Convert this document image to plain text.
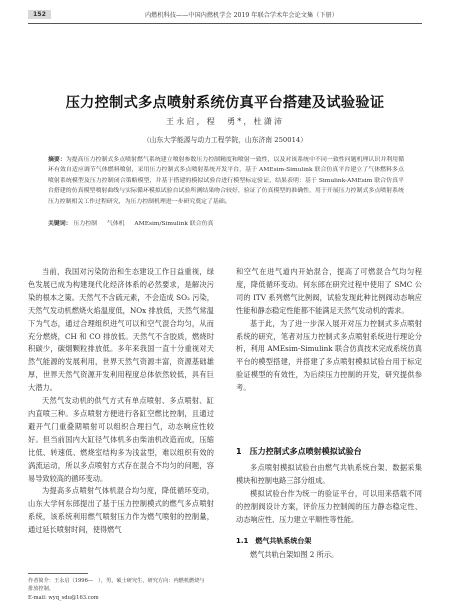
152	内燃机科技——中国内燃机学会 2019 年联合学术年会论文集（下册）
压力控制式多点喷射系统仿真平台搭建及试验验证
王永启，程　勇*，杜潇沛
（山东大学能源与动力工程学院，山东济南 250014）
摘要：为提高压力控制式多点喷射燃气系统建立喷射参数压力控制精度和喷射一致性，以及对该系统中不同一致性问题机理认识并利用循环有效自适应调节气体燃料喷射，采用压力控制式多点喷射系统开发平台，基于 AMEsim-Simulink 联合仿真平台建立了气体燃料多点喷射系统模型及压力控制闭合策略模型，并基于搭建的模拟试验台进行模型标定验证，结果表明：基于 Simulink-AMEsim 联合仿真平台搭建的仿真模型喷射曲线与实际循环模拟试验台试验所测结果吻合较好，验证了仿真模型的准确性，用于开展压力控制式多点喷射系统压力控制相关工作过程研究，为压力控制机理进一步研究奠定了基础。
关键词： 压力控制 气体机 AMEsim/Simulink 联合仿真

当前，我国对污染防治和生态建设工作日益重视，绿色发展已成为构建现代化经济体系的必然要求，是解决污染的根本之策。天然气不含硫元素，不会造成 SO₂ 污染，天然气发动机燃烧火焰温度低，NOx 排放低，天然气常温下为气态，通过合理组织进气可以和空气混合均匀，从而充分燃烧，CH 和 CO 排放低。天然气不含胶质，燃烧时积碳少，碳烟颗粒排放低。多年来我国一直十分重视对天然气能源的发展利用，世界天然气资源丰富，资源基础雄厚，世界天然气资源开发利用程度总体依然较低，具有巨大潜力。

天然气发动机的供气方式有单点喷射、多点喷射、缸内直喷三种。多点喷射方便进行各缸空燃比控制，且通过避开气门重叠期喷射可以组织合理扫气，动态响应性较好。但当前国内大缸径气体机多由柴油机改造而成，压缩比低、转速低、燃烧室结构多为浅盆型，难以组织有效的涡流运动，所以多点喷射方式存在混合不均匀的问题，容易导致较高的循环变动。

为提高多点喷射气体机混合均匀度，降低循环变动，山东大学何东郎提出了基于压力控制模式的燃气多点喷射系统，该系统利用燃气喷射压力作为燃气喷射的控制量，通过延长喷射时间，使得燃气

和空气在进气道内开始混合，提高了可燃混合气均匀程度，降低循环变动。何东郎在研究过程中使用了 SMC 公司的 ITV 系列燃气比例阀，试验发现此种比例阀动态响应性能和静态稳定性能都不能满足天然气发动机的需求。

基于此，为了进一步深入展开对压力控制式多点喷射系统的研究，笔者对压力控制式多点喷射系统进行理论分析，利用 AMEsim-Simulink 联合仿真技术完成系统仿真平台的模型搭建，并搭建了多点喷射模拟试验台用于标定验证模型的有效性，为后续压力控制的开发，研究提供参考。

1　压力控制式多点喷射模拟试验台

多点喷射模拟试验台由燃气共轨系统台架、数据采集模块和控制电路三部分组成。

模拟试验台作为统一的验证平台，可以用来搭载不同的控制阀设计方案，评价压力控制阀的压力静态稳定性、动态响应性、压力建立平顺性等性能。

1.1　燃气共轨系统台架

燃气共轨台架如图 2 所示。

作者简介：王永启（1996—　），男，硕士研究生，研究方向：内燃机燃烧与
排放控制。
E-mail: wyq_sdu@163.com
